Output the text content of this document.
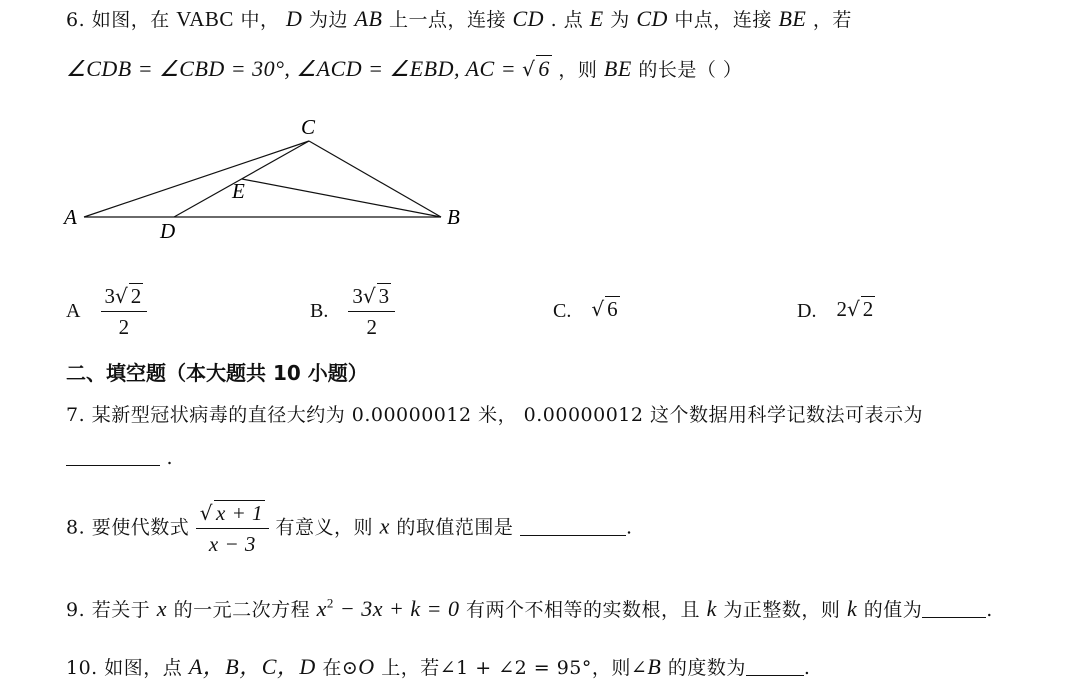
6. 如图，在 VABC 中， D 为边 AB 上一点，连接 CD . 点 E 为 CD 中点，连接 BE ，若
∠CDB = ∠CBD = 30°, ∠ACD = ∠EBD, AC = √ 6 ，则 BE 的长是（ ）
A	B
C
D
E
A $\frac{3√ 2}{2}$	B. $\frac{3√ 3}{2}$	C. √ 6	D. 2√ 2
二、填空题（本大题共 10 小题）
7. 某新型冠状病毒的直径大约为 0.00000012 米， 0.00000012 这个数据用科学记数法可表示为
.
8. 要使代数式 $\frac{√ x + 1}{x - 3}$ 有意义，则 x 的取值范围是	.
9. 若关于 x 的一元二次方程 $x^2 - 3x + k = 0$ 有两个不相等的实数根，且 k 为正整数，则 k 的值为	.
10. 如图，点 A，B，C，D 在⊙O 上，若∠1 + ∠2 = 95°，则∠B 的度数为	.
